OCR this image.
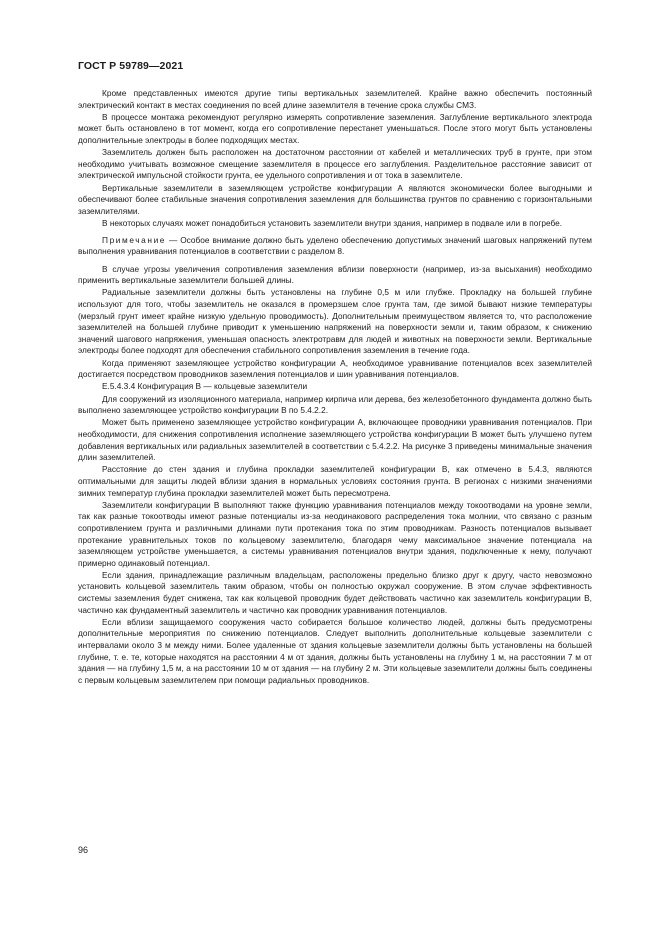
ГОСТ Р 59789—2021

Кроме представленных имеются другие типы вертикальных заземлителей. Крайне важно обеспечить постоянный электрический контакт в местах соединения по всей длине заземлителя в течение срока службы СМЗ.

В процессе монтажа рекомендуют регулярно измерять сопротивление заземления. Заглубление вертикального электрода может быть остановлено в тот момент, когда его сопротивление перестанет уменьшаться. После этого могут быть установлены дополнительные электроды в более подходящих местах.

Заземлитель должен быть расположен на достаточном расстоянии от кабелей и металлических труб в грунте, при этом необходимо учитывать возможное смещение заземлителя в процессе его заглубления. Разделительное расстояние зависит от электрической импульсной стойкости грунта, ее удельного сопротивления и от тока в заземлителе.

Вертикальные заземлители в заземляющем устройстве конфигурации А являются экономически более выгодными и обеспечивают более стабильные значения сопротивления заземления для большинства грунтов по сравнению с горизонтальными заземлителями.

В некоторых случаях может понадобиться установить заземлители внутри здания, например в подвале или в погребе.

Примечание — Особое внимание должно быть уделено обеспечению допустимых значений шаговых напряжений путем выполнения уравнивания потенциалов в соответствии с разделом 8.

В случае угрозы увеличения сопротивления заземления вблизи поверхности (например, из-за высыхания) необходимо применить вертикальные заземлители большей длины.

Радиальные заземлители должны быть установлены на глубине 0,5 м или глубже. Прокладку на большей глубине используют для того, чтобы заземлитель не оказался в промерзшем слое грунта там, где зимой бывают низкие температуры (мерзлый грунт имеет крайне низкую удельную проводимость). Дополнительным преимуществом является то, что расположение заземлителей на большей глубине приводит к уменьшению напряжений на поверхности земли и, таким образом, к снижению значений шагового напряжения, уменьшая опасность электротравм для людей и животных на поверхности земли. Вертикальные электроды более подходят для обеспечения стабильного сопротивления заземления в течение года.

Когда применяют заземляющее устройство конфигурации А, необходимое уравнивание потенциалов всех заземлителей достигается посредством проводников заземления потенциалов и шин уравнивания потенциалов.

Е.5.4.3.4 Конфигурация В — кольцевые заземлители

Для сооружений из изоляционного материала, например кирпича или дерева, без железобетонного фундамента должно быть выполнено заземляющее устройство конфигурации В по 5.4.2.2.

Может быть применено заземляющее устройство конфигурации А, включающее проводники уравнивания потенциалов. При необходимости, для снижения сопротивления исполнение заземляющего устройства конфигурации В может быть улучшено путем добавления вертикальных или радиальных заземлителей в соответствии с 5.4.2.2. На рисунке 3 приведены минимальные значения длин заземлителей.

Расстояние до стен здания и глубина прокладки заземлителей конфигурации В, как отмечено в 5.4.3, являются оптимальными для защиты людей вблизи здания в нормальных условиях состояния грунта. В регионах с низкими значениями зимних температур глубина прокладки заземлителей может быть пересмотрена.

Заземлители конфигурации В выполняют также функцию уравнивания потенциалов между токоотводами на уровне земли, так как разные токоотводы имеют разные потенциалы из-за неодинакового распределения тока молнии, что связано с разным сопротивлением грунта и различными длинами пути протекания тока по этим проводникам. Разность потенциалов вызывает протекание уравнительных токов по кольцевому заземлителю, благодаря чему максимальное значение потенциала на заземляющем устройстве уменьшается, а системы уравнивания потенциалов внутри здания, подключенные к нему, получают примерно одинаковый потенциал.

Если здания, принадлежащие различным владельцам, расположены предельно близко друг к другу, часто невозможно установить кольцевой заземлитель таким образом, чтобы он полностью окружал сооружение. В этом случае эффективность системы заземления будет снижена, так как кольцевой проводник будет действовать частично как заземлитель конфигурации В, частично как фундаментный заземлитель и частично как проводник уравнивания потенциалов.

Если вблизи защищаемого сооружения часто собирается большое количество людей, должны быть предусмотрены дополнительные мероприятия по снижению потенциалов. Следует выполнить дополнительные кольцевые заземлители с интервалами около 3 м между ними. Более удаленные от здания кольцевые заземлители должны быть установлены на большей глубине, т. е. те, которые находятся на расстоянии 4 м от здания, должны быть установлены на глубину 1 м, на расстоянии 7 м от здания — на глубину 1,5 м, а на расстоянии 10 м от здания — на глубину 2 м. Эти кольцевые заземлители должны быть соединены с первым кольцевым заземлителем при помощи радиальных проводников.

96
